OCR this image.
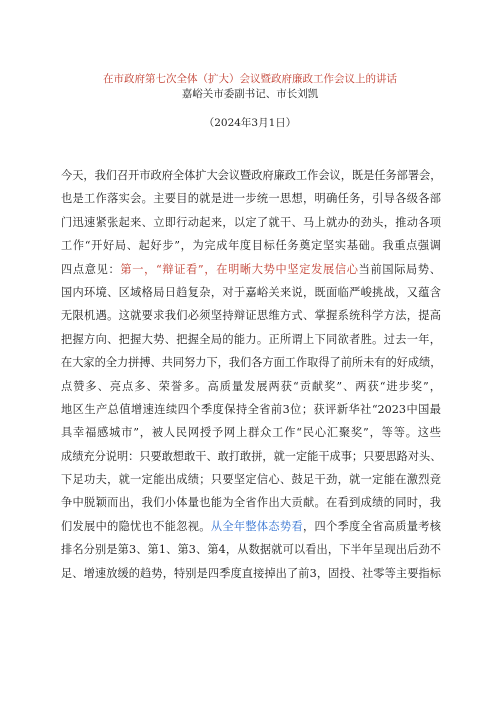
在市政府第七次全体（扩大）会议暨政府廉政工作会议上的讲话
嘉峪关市委副书记、市长刘凯
（2024年3月1日）
今天，我们召开市政府全体扩大会议暨政府廉政工作会议，既是任务部署会，
也是工作落实会。主要目的就是进一步统一思想，明确任务，引导各级各部
门迅速紧张起来、立即行动起来，以定了就干、马上就办的劲头，推动各项
工作“开好局、起好步”，为完成年度目标任务奠定坚实基础。我重点强调
四点意见：第一，“辩证看”，在明晰大势中坚定发展信心当前国际局势、
国内环境、区域格局日趋复杂，对于嘉峪关来说，既面临严峻挑战，又蕴含
无限机遇。这就要求我们必须坚持辩证思维方式、掌握系统科学方法，提高
把握方向、把握大势、把握全局的能力。正所谓上下同欲者胜。过去一年，
在大家的全力拼搏、共同努力下，我们各方面工作取得了前所未有的好成绩，
点赞多、亮点多、荣誉多。高质量发展两获“贡献奖”、两获“进步奖”，
地区生产总值增速连续四个季度保持全省前3位；获评新华社“2023中国最
具幸福感城市”，被人民网授予网上群众工作“民心汇聚奖”，等等。这些
成绩充分说明：只要敢想敢干、敢打敢拼，就一定能干成事；只要思路对头、
下足功夫，就一定能出成绩；只要坚定信心、鼓足干劲，就一定能在激烈竞
争中脱颖而出，我们小体量也能为全省作出大贡献。在看到成绩的同时，我
们发展中的隐忧也不能忽视。从全年整体态势看，四个季度全省高质量考核
排名分别是第3、第1、第3、第4，从数据就可以看出，下半年呈现出后劲不
足、增速放缓的趋势，特别是四季度直接掉出了前3，固投、社零等主要指标
